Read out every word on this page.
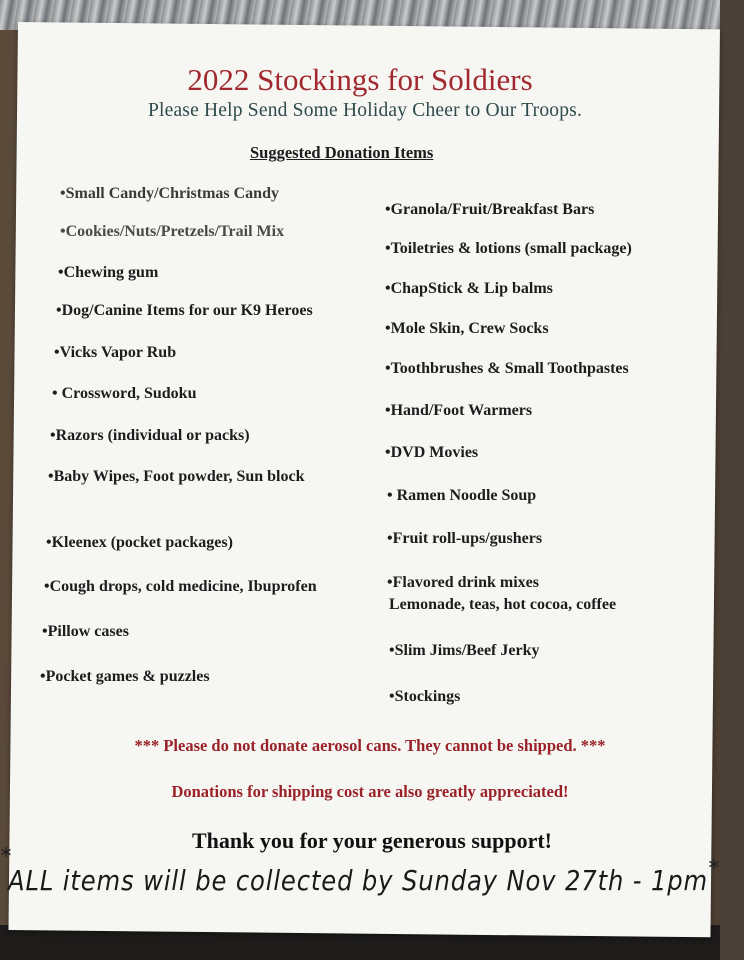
2022 Stockings for Soldiers
Please Help Send Some Holiday Cheer to Our Troops.
Suggested Donation Items
•Small Candy/Christmas Candy
•Cookies/Nuts/Pretzels/Trail Mix
•Chewing gum
•Dog/Canine Items for our K9 Heroes
•Vicks Vapor Rub
• Crossword, Sudoku
•Razors (individual or packs)
•Baby Wipes, Foot powder, Sun block
•Kleenex (pocket packages)
•Cough drops, cold medicine, Ibuprofen
•Pillow cases
•Pocket games & puzzles
•Granola/Fruit/Breakfast Bars
•Toiletries & lotions (small package)
•ChapStick & Lip balms
•Mole Skin, Crew Socks
•Toothbrushes & Small Toothpastes
•Hand/Foot Warmers
•DVD Movies
• Ramen Noodle Soup
•Fruit roll-ups/gushers
•Flavored drink mixes
Lemonade, teas, hot cocoa, coffee
•Slim Jims/Beef Jerky
•Stockings
*** Please do not donate aerosol cans. They cannot be shipped. ***
Donations for shipping cost are also greatly appreciated!
Thank you for your generous support!
ALL items will be collected by Sunday Nov 27th - 1pm
